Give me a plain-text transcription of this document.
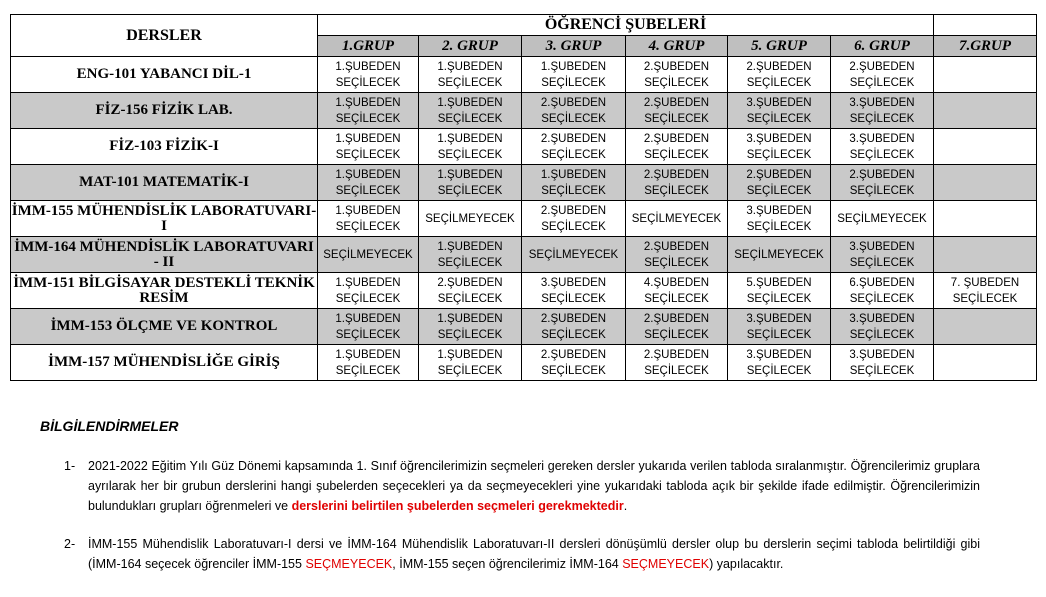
DERSLER	ÖĞRENCİ ŞUBELERİ						
	1.GRUP	2. GRUP	3. GRUP	4. GRUP	5. GRUP	6. GRUP	7.GRUP
ENG-101 YABANCI DİL-1	1.ŞUBEDEN SEÇİLECEK	1.ŞUBEDEN SEÇİLECEK	1.ŞUBEDEN SEÇİLECEK	2.ŞUBEDEN SEÇİLECEK	2.ŞUBEDEN SEÇİLECEK	2.ŞUBEDEN SEÇİLECEK	
FİZ-156 FİZİK LAB.	1.ŞUBEDEN SEÇİLECEK	1.ŞUBEDEN SEÇİLECEK	2.ŞUBEDEN SEÇİLECEK	2.ŞUBEDEN SEÇİLECEK	3.ŞUBEDEN SEÇİLECEK	3.ŞUBEDEN SEÇİLECEK	
FİZ-103 FİZİK-I	1.ŞUBEDEN SEÇİLECEK	1.ŞUBEDEN SEÇİLECEK	2.ŞUBEDEN SEÇİLECEK	2.ŞUBEDEN SEÇİLECEK	3.ŞUBEDEN SEÇİLECEK	3.ŞUBEDEN SEÇİLECEK	
MAT-101 MATEMATİK-I	1.ŞUBEDEN SEÇİLECEK	1.ŞUBEDEN SEÇİLECEK	1.ŞUBEDEN SEÇİLECEK	2.ŞUBEDEN SEÇİLECEK	2.ŞUBEDEN SEÇİLECEK	2.ŞUBEDEN SEÇİLECEK	
İMM-155 MÜHENDİSLİK LABORATUVARI-I	1.ŞUBEDEN SEÇİLECEK	SEÇİLMEYECEK	2.ŞUBEDEN SEÇİLECEK	SEÇİLMEYECEK	3.ŞUBEDEN SEÇİLECEK	SEÇİLMEYECEK	
İMM-164 MÜHENDİSLİK LABORATUVARI - II	SEÇİLMEYECEK	1.ŞUBEDEN SEÇİLECEK	SEÇİLMEYECEK	2.ŞUBEDEN SEÇİLECEK	SEÇİLMEYECEK	3.ŞUBEDEN SEÇİLECEK	
İMM-151 BİLGİSAYAR DESTEKLİ TEKNİK RESİM	1.ŞUBEDEN SEÇİLECEK	2.ŞUBEDEN SEÇİLECEK	3.ŞUBEDEN SEÇİLECEK	4.ŞUBEDEN SEÇİLECEK	5.ŞUBEDEN SEÇİLECEK	6.ŞUBEDEN SEÇİLECEK	7. ŞUBEDEN SEÇİLECEK
İMM-153 ÖLÇME VE KONTROL	1.ŞUBEDEN SEÇİLECEK	1.ŞUBEDEN SEÇİLECEK	2.ŞUBEDEN SEÇİLECEK	2.ŞUBEDEN SEÇİLECEK	3.ŞUBEDEN SEÇİLECEK	3.ŞUBEDEN SEÇİLECEK	
İMM-157 MÜHENDİSLİĞE GİRİŞ	1.ŞUBEDEN SEÇİLECEK	1.ŞUBEDEN SEÇİLECEK	2.ŞUBEDEN SEÇİLECEK	2.ŞUBEDEN SEÇİLECEK	3.ŞUBEDEN SEÇİLECEK	3.ŞUBEDEN SEÇİLECEK	
BİLGİLENDİRMELER
1-	2021-2022 Eğitim Yılı Güz Dönemi kapsamında 1. Sınıf öğrencilerimizin seçmeleri gereken dersler yukarıda verilen tabloda sıralanmıştır. Öğrencilerimiz gruplara ayrılarak her bir grubun derslerini hangi şubelerden seçecekleri ya da seçmeyecekleri yine yukarıdaki tabloda açık bir şekilde ifade edilmiştir. Öğrencilerimizin bulundukları grupları öğrenmeleri ve derslerini belirtilen şubelerden seçmeleri gerekmektedir.
2-	İMM-155 Mühendislik Laboratuvarı-I dersi ve İMM-164 Mühendislik Laboratuvarı-II dersleri dönüşümlü dersler olup bu derslerin seçimi tabloda belirtildiği gibi (İMM-164 seçecek öğrenciler İMM-155 SEÇMEYECEK, İMM-155 seçen öğrencilerimiz İMM-164 SEÇMEYECEK) yapılacaktır.
